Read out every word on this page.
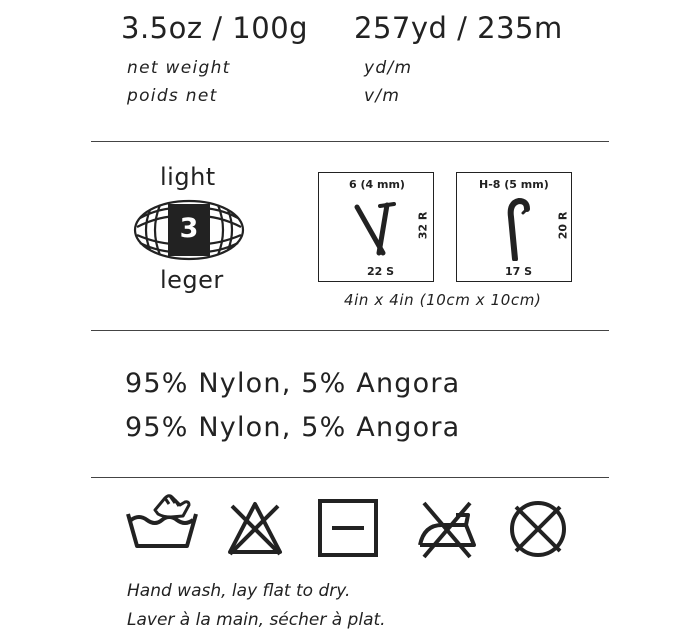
3.5oz / 100g
net weight
poids net
257yd / 235m
yd/m
v/m
light
3
leger
6 (4 mm)
32 R
22 S
H-8 (5 mm)
20 R
17 S
4in x 4in (10cm x 10cm)
95% Nylon, 5% Angora
95% Nylon, 5% Angora
Hand wash, lay flat to dry.
Laver à la main, sécher à plat.
